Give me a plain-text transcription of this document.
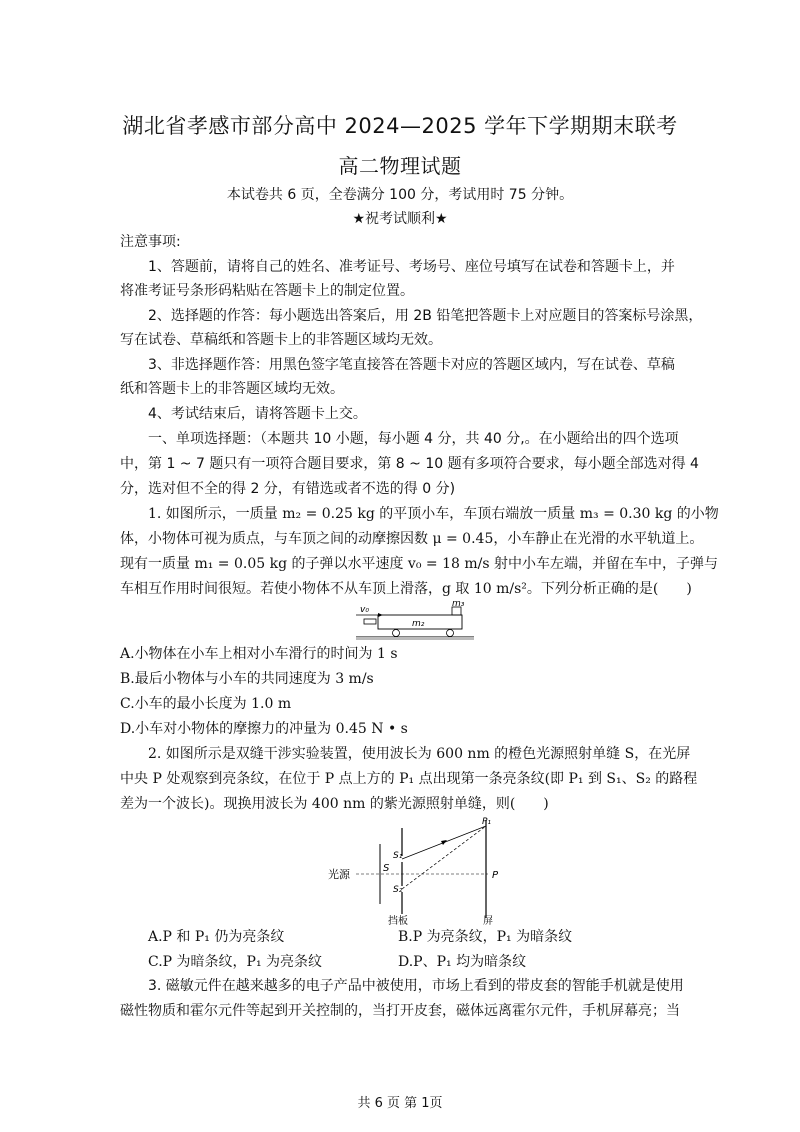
湖北省孝感市部分高中 2024—2025 学年下学期期末联考
高二物理试题
本试卷共 6 页，全卷满分 100 分，考试用时 75 分钟。
★祝考试顺利★
注意事项:
1、答题前，请将自己的姓名、准考证号、考场号、座位号填写在试卷和答题卡上，并
将准考证号条形码粘贴在答题卡上的制定位置。
2、选择题的作答：每小题选出答案后，用 2B 铅笔把答题卡上对应题目的答案标号涂黑，
写在试卷、草稿纸和答题卡上的非答题区域均无效。
3、非选择题作答：用黑色签字笔直接答在答题卡对应的答题区域内，写在试卷、草稿
纸和答题卡上的非答题区域均无效。
4、考试结束后，请将答题卡上交。
一、单项选择题：（本题共 10 小题，每小题 4 分，共 40 分,。在小题给出的四个选项
中，第 1 ~ 7 题只有一项符合题目要求，第 8 ~ 10 题有多项符合要求，每小题全部选对得 4
分，选对但不全的得 2 分，有错选或者不选的得 0 分)
1. 如图所示，一质量 m₂ = 0.25 kg 的平顶小车，车顶右端放一质量 m₃ = 0.30 kg 的小物
体，小物体可视为质点，与车顶之间的动摩擦因数 μ = 0.45，小车静止在光滑的水平轨道上。
现有一质量 m₁ = 0.05 kg 的子弹以水平速度 v₀ = 18 m/s 射中小车左端，并留在车中，子弹与
车相互作用时间很短。若使小物体不从车顶上滑落，g 取 10 m/s²。下列分析正确的是(　　)
v₀
m₃
m₂
A.小物体在小车上相对小车滑行的时间为 1 s
B.最后小物体与小车的共同速度为 3 m/s
C.小车的最小长度为 1.0 m
D.小车对小物体的摩擦力的冲量为 0.45 N • s
2. 如图所示是双缝干涉实验装置，使用波长为 600 nm 的橙色光源照射单缝 S，在光屏
中央 P 处观察到亮条纹，在位于 P 点上方的 P₁ 点出现第一条亮条纹(即 P₁ 到 S₁、S₂ 的路程
差为一个波长)。现换用波长为 400 nm 的紫光源照射单缝，则(　　)
光源	S
S₁
S₂
P₁
P
挡板	屏
A.P 和 P₁ 仍为亮条纹	B.P 为亮条纹，P₁ 为暗条纹
C.P 为暗条纹，P₁ 为亮条纹	D.P、P₁ 均为暗条纹
3. 磁敏元件在越来越多的电子产品中被使用，市场上看到的带皮套的智能手机就是使用
磁性物质和霍尔元件等起到开关控制的，当打开皮套，磁体远离霍尔元件，手机屏幕亮；当
共 6 页 第 1页
